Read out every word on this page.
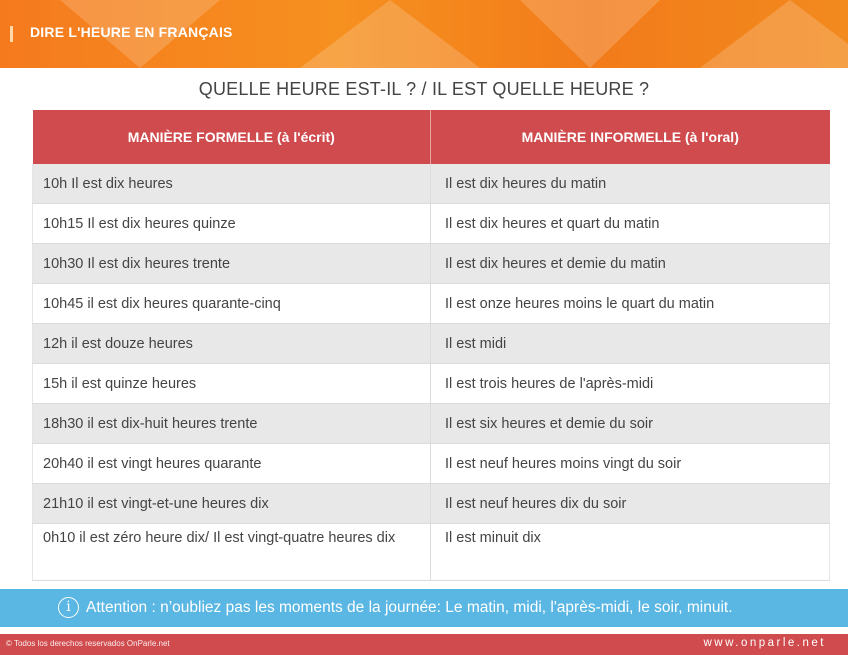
DIRE L'HEURE EN FRANÇAIS
QUELLE HEURE EST-IL ? / IL EST QUELLE HEURE ?
MANIÈRE FORMELLE (à l'écrit)	MANIÈRE INFORMELLE (à l'oral)
10h Il est dix heures	Il est dix heures du matin
10h15 Il est dix heures quinze	Il est dix heures et quart du matin
10h30 Il est dix heures trente	Il est dix heures et demie du matin
10h45 il est dix heures quarante-cinq	Il est onze heures moins le quart du matin
12h il est douze heures	Il est midi
15h il est quinze heures	Il est trois heures de l'après-midi
18h30 il est dix-huit heures trente	Il est six heures et demie du soir
20h40 il est vingt heures quarante	Il est neuf heures moins vingt du soir
21h10 il est vingt-et-une heures dix	Il est neuf heures dix du soir
0h10 il est zéro heure dix/ Il est vingt-quatre heures dix	Il est minuit dix
i Attention : n’oubliez pas les moments de la journée: Le matin, midi, l'après-midi, le soir, minuit.
© Todos los derechos reservados OnParle.net	www.onparle.net
